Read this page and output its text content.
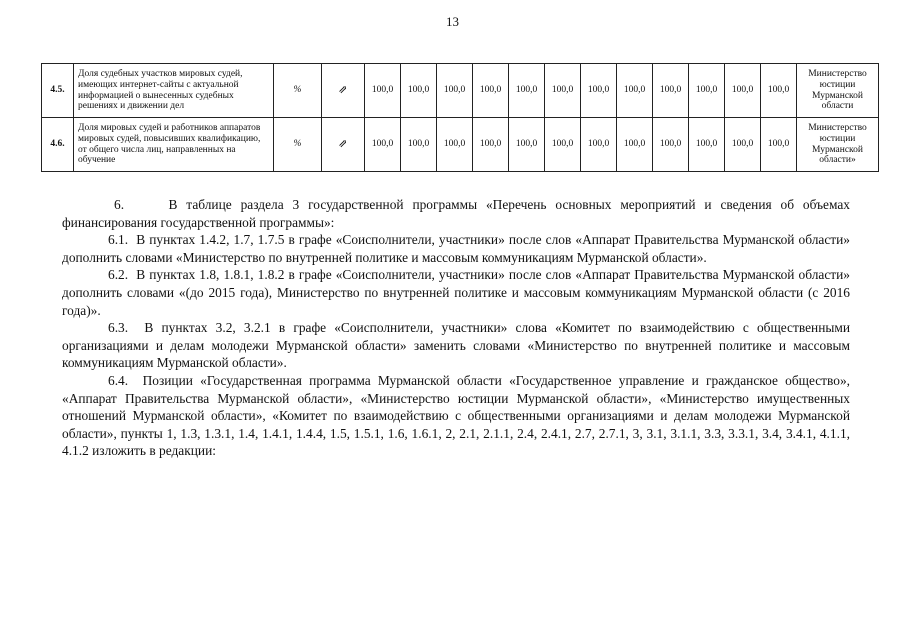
13
4.5.	Доля судебных участков мировых судей, имеющих интернет-сайты с актуальной информацией о вынесенных судебных решениях и движении дел	%	⇗	100,0	100,0	100,0	100,0	100,0	100,0	100,0	100,0	100,0	100,0	100,0	100,0	Министерство юстиции Мурманской области
4.6.	Доля мировых судей и работников аппаратов мировых судей, повысивших квалификацию, от общего числа лиц, направленных на обучение	%	⇗	100,0	100,0	100,0	100,0	100,0	100,0	100,0	100,0	100,0	100,0	100,0	100,0	Министерство юстиции Мурманской области»

6.     В таблице раздела 3 государственной программы «Перечень основных мероприятий и сведения об объемах финансирования государственной программы»:

6.1.  В пунктах 1.4.2, 1.7, 1.7.5 в графе «Соисполнители, участники» после слов «Аппарат Правительства Мурманской области» дополнить словами «Министерство по внутренней политике и массовым коммуникациям Мурманской области».

6.2.  В пунктах 1.8, 1.8.1, 1.8.2 в графе «Соисполнители, участники» после слов «Аппарат Правительства Мурманской области» дополнить словами «(до 2015 года), Министерство по внутренней политике и массовым коммуникациям Мурманской области (с 2016 года)».

6.3.  В пунктах 3.2, 3.2.1 в графе «Соисполнители, участники» слова «Комитет по взаимодействию с общественными организациями и делам молодежи Мурманской области» заменить словами «Министерство по внутренней политике и массовым коммуникациям Мурманской области».

6.4.  Позиции «Государственная программа Мурманской области «Государственное управление и гражданское общество», «Аппарат Правительства Мурманской области», «Министерство юстиции Мурманской области», «Министерство имущественных отношений Мурманской области», «Комитет по взаимодействию с общественными организациями и делам молодежи Мурманской области», пункты 1, 1.3, 1.3.1, 1.4, 1.4.1, 1.4.4, 1.5, 1.5.1, 1.6, 1.6.1, 2, 2.1, 2.1.1, 2.4, 2.4.1, 2.7, 2.7.1, 3, 3.1, 3.1.1, 3.3, 3.3.1, 3.4, 3.4.1, 4.1.1, 4.1.2 изложить в редакции:
